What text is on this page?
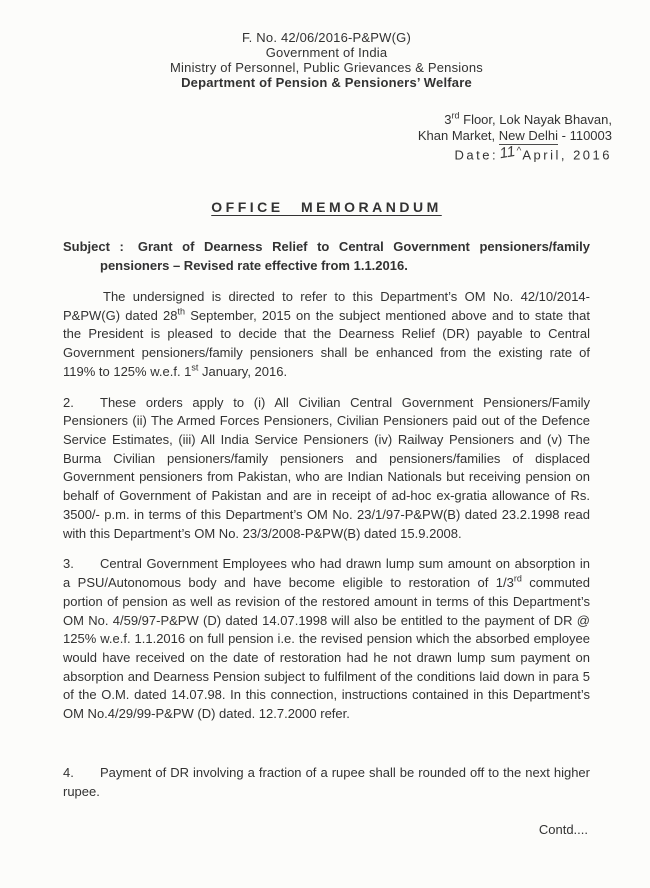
F. No. 42/06/2016-P&PW(G)
Government of India
Ministry of Personnel, Public Grievances & Pensions
Department of Pension & Pensioners’ Welfare
3rd Floor, Lok Nayak Bhavan,
Khan Market, New Delhi - 110003
Date:11^April, 2016
OFFICE MEMORANDUM
Subject : Grant of Dearness Relief to Central Government pensioners/family pensioners – Revised rate effective from 1.1.2016.

The undersigned is directed to refer to this Department’s OM No. 42/10/2014-P&PW(G) dated 28th September, 2015 on the subject mentioned above and to state that the President is pleased to decide that the Dearness Relief (DR) payable to Central Government pensioners/family pensioners shall be enhanced from the existing rate of 119% to 125% w.e.f. 1st January, 2016.

2. These orders apply to (i) All Civilian Central Government Pensioners/Family Pensioners (ii) The Armed Forces Pensioners, Civilian Pensioners paid out of the Defence Service Estimates, (iii) All India Service Pensioners (iv) Railway Pensioners and (v) The Burma Civilian pensioners/family pensioners and pensioners/families of displaced Government pensioners from Pakistan, who are Indian Nationals but receiving pension on behalf of Government of Pakistan and are in receipt of ad-hoc ex-gratia allowance of Rs. 3500/- p.m. in terms of this Department’s OM No. 23/1/97-P&PW(B) dated 23.2.1998 read with this Department’s OM No. 23/3/2008-P&PW(B) dated 15.9.2008.

3. Central Government Employees who had drawn lump sum amount on absorption in a PSU/Autonomous body and have become eligible to restoration of 1/3rd commuted portion of pension as well as revision of the restored amount in terms of this Department’s OM No. 4/59/97-P&PW (D) dated 14.07.1998 will also be entitled to the payment of DR @ 125% w.e.f. 1.1.2016 on full pension i.e. the revised pension which the absorbed employee would have received on the date of restoration had he not drawn lump sum payment on absorption and Dearness Pension subject to fulfilment of the conditions laid down in para 5 of the O.M. dated 14.07.98. In this connection, instructions contained in this Department’s OM No.4/29/99-P&PW (D) dated. 12.7.2000 refer.

4. Payment of DR involving a fraction of a rupee shall be rounded off to the next higher rupee.

Contd....
